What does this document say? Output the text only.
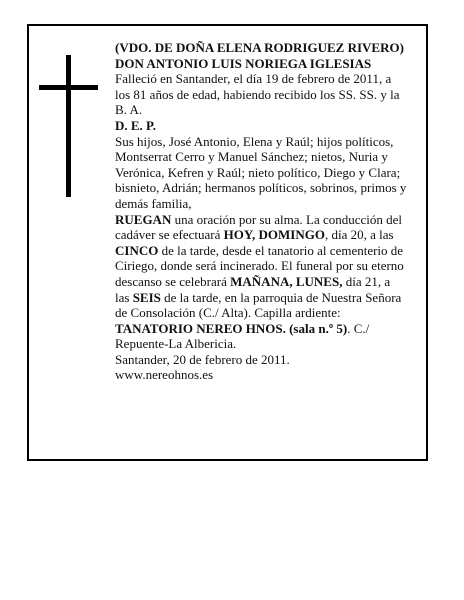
(VDO. DE DOÑA ELENA RODRIGUEZ RIVERO)
DON ANTONIO LUIS NORIEGA IGLESIAS
Falleció en Santander, el día 19 de febrero de 2011, a
los 81 años de edad, habiendo recibido los SS. SS. y la
B. A.
D. E. P.
Sus hijos, José Antonio, Elena y Raúl; hijos políticos,
Montserrat Cerro y Manuel Sánchez; nietos, Nuria y
Verónica, Kefren y Raúl; nieto político, Diego y Clara;
bisnieto, Adrián; hermanos políticos, sobrinos, primos y
demás familia,
RUEGAN una oración por su alma. La conducción del
cadáver se efectuará HOY, DOMINGO, día 20, a las
CINCO de la tarde, desde el tanatorio al cementerio de
Ciriego, donde será incinerado. El funeral por su eterno
descanso se celebrará MAÑANA, LUNES, día 21, a
las SEIS de la tarde, en la parroquia de Nuestra Señora
de Consolación (C./ Alta). Capilla ardiente:
TANATORIO NEREO HNOS. (sala n.º 5). C./
Repuente-La Albericia.
Santander, 20 de febrero de 2011.
www.nereohnos.es
